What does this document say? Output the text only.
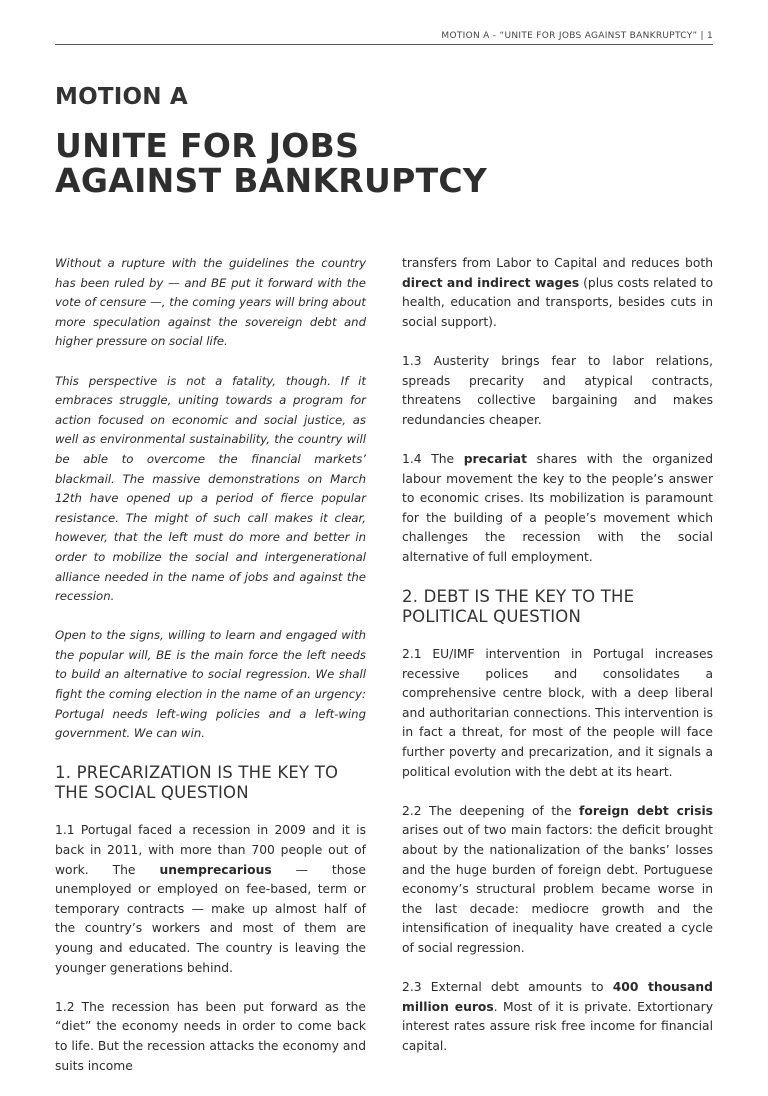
MOTION A - “UNITE FOR JOBS AGAINST BANKRUPTCY” | 1
MOTION A
UNITE FOR JOBS
AGAINST BANKRUPTCY

Without a rupture with the guidelines the country has been ruled by — and BE put it forward with the vote of censure —, the coming years will bring about more speculation against the sovereign debt and higher pressure on social life.

This perspective is not a fatality, though. If it embraces struggle, uniting towards a program for action focused on economic and social justice, as well as environmental sustainability, the country will be able to overcome the financial markets’ blackmail. The massive demonstrations on March 12th have opened up a period of fierce popular resistance. The might of such call makes it clear, however, that the left must do more and better in order to mobilize the social and intergenerational alliance needed in the name of jobs and against the recession.

Open to the signs, willing to learn and engaged with the popular will, BE is the main force the left needs to build an alternative to social regression. We shall fight the coming election in the name of an urgency: Portugal needs left-wing policies and a left-wing government. We can win.

1. PRECARIZATION IS THE KEY TO THE SOCIAL QUESTION

1.1 Portugal faced a recession in 2009 and it is back in 2011, with more than 700 people out of work. The unemprecarious — those unemployed or employed on fee-based, term or temporary contracts — make up almost half of the country’s workers and most of them are young and educated. The country is leaving the younger generations behind.

1.2 The recession has been put forward as the “diet” the economy needs in order to come back to life. But the recession attacks the economy and suits income

transfers from Labor to Capital and reduces both direct and indirect wages (plus costs related to health, education and transports, besides cuts in social support).

1.3 Austerity brings fear to labor relations, spreads precarity and atypical contracts, threatens collective bargaining and makes redundancies cheaper.

1.4 The precariat shares with the organized labour movement the key to the people’s answer to economic crises. Its mobilization is paramount for the building of a people’s movement which challenges the recession with the social alternative of full employment.

2. DEBT IS THE KEY TO THE POLITICAL QUESTION

2.1 EU/IMF intervention in Portugal increases recessive polices and consolidates a comprehensive centre block, with a deep liberal and authoritarian connections. This intervention is in fact a threat, for most of the people will face further poverty and precarization, and it signals a political evolution with the debt at its heart.

2.2 The deepening of the foreign debt crisis arises out of two main factors: the deficit brought about by the nationalization of the banks’ losses and the huge burden of foreign debt. Portuguese economy’s structural problem became worse in the last decade: mediocre growth and the intensification of inequality have created a cycle of social regression.

2.3 External debt amounts to 400 thousand million euros. Most of it is private. Extortionary interest rates assure risk free income for financial capital.
